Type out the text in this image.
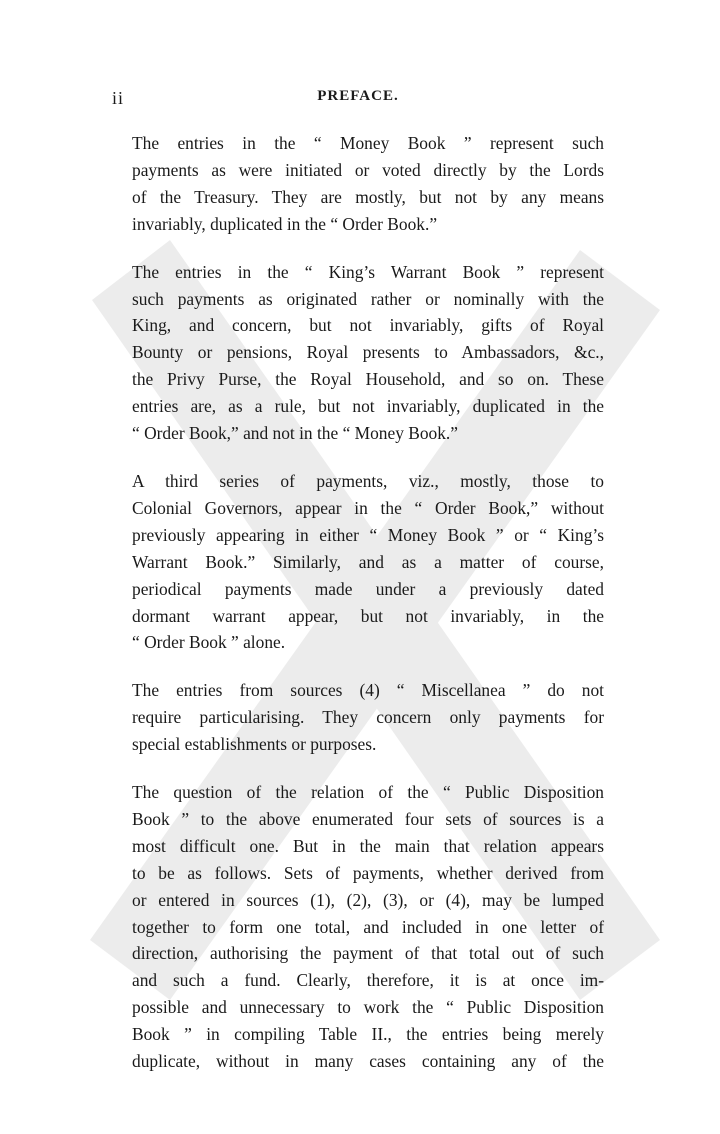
ii	PREFACE.

The entries in the “ Money Book ” represent such
payments as were initiated or voted directly by the Lords
of the Treasury. They are mostly, but not by any means
invariably, duplicated in the “ Order Book.”

The entries in the “ King’s Warrant Book ” represent
such payments as originated rather or nominally with the
King, and concern, but not invariably, gifts of Royal
Bounty or pensions, Royal presents to Ambassadors, &c.,
the Privy Purse, the Royal Household, and so on. These
entries are, as a rule, but not invariably, duplicated in the
“ Order Book,” and not in the “ Money Book.”

A third series of payments, viz., mostly, those to
Colonial Governors, appear in the “ Order Book,” without
previously appearing in either “ Money Book ” or “ King’s
Warrant Book.” Similarly, and as a matter of course,
periodical payments made under a previously dated
dormant warrant appear, but not invariably, in the
“ Order Book ” alone.

The entries from sources (4) “ Miscellanea ” do not
require particularising. They concern only payments for
special establishments or purposes.

The question of the relation of the “ Public Disposition
Book ” to the above enumerated four sets of sources is a
most difficult one. But in the main that relation appears
to be as follows. Sets of payments, whether derived from
or entered in sources (1), (2), (3), or (4), may be lumped
together to form one total, and included in one letter of
direction, authorising the payment of that total out of such
and such a fund. Clearly, therefore, it is at once im-
possible and unnecessary to work the “ Public Disposition
Book ” in compiling Table II., the entries being merely
duplicate, without in many cases containing any of the
